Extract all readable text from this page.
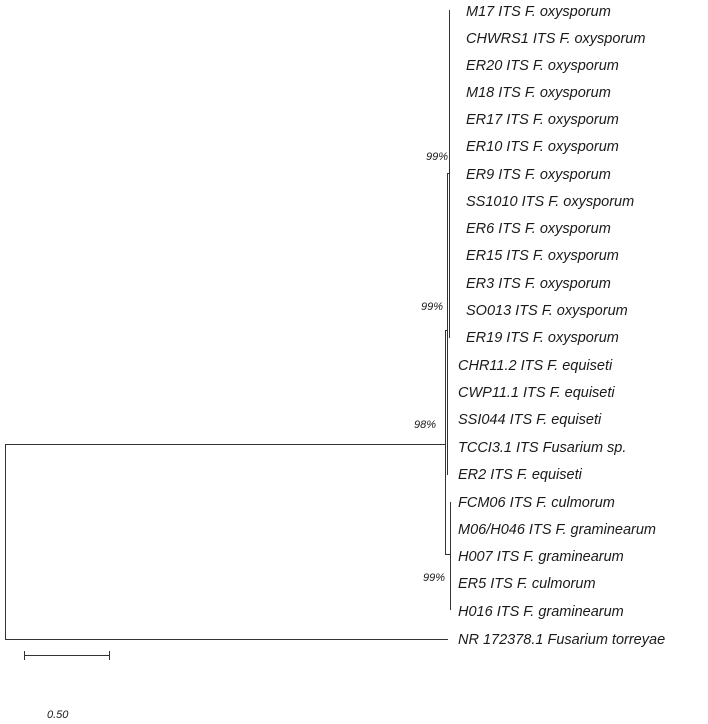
99%
99%
98%
99%
M17 ITS F. oxysporum
CHWRS1 ITS F. oxysporum
ER20 ITS F. oxysporum
M18 ITS F. oxysporum
ER17 ITS F. oxysporum
ER10 ITS F. oxysporum
ER9 ITS F. oxysporum
SS1010 ITS F. oxysporum
ER6 ITS F. oxysporum
ER15 ITS F. oxysporum
ER3 ITS F. oxysporum
SO013 ITS F. oxysporum
ER19 ITS F. oxysporum
CHR11.2 ITS F. equiseti
CWP11.1 ITS F. equiseti
SSI044 ITS F. equiseti
TCCI3.1 ITS Fusarium sp.
ER2 ITS F. equiseti
FCM06 ITS F. culmorum
M06/H046 ITS F. graminearum
H007 ITS F. graminearum
ER5 ITS F. culmorum
H016 ITS F. graminearum
NR 172378.1 Fusarium torreyae
0.50
